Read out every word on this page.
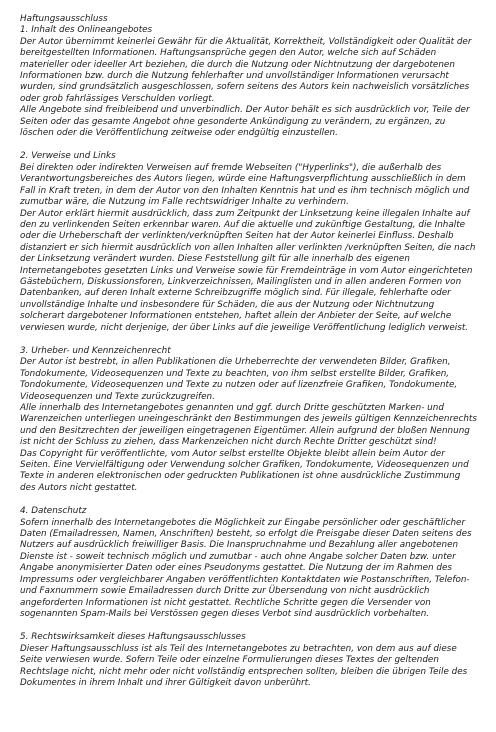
Haftungsausschluss

1. Inhalt des Onlineangebotes

Der Autor übernimmt keinerlei Gewähr für die Aktualität, Korrektheit, Vollständigkeit oder Qualität der bereitgestellten Informationen. Haftungsansprüche gegen den Autor, welche sich auf Schäden materieller oder ideeller Art beziehen, die durch die Nutzung oder Nichtnutzung der dargebotenen Informationen bzw. durch die Nutzung fehlerhafter und unvollständiger Informationen verursacht wurden, sind grundsätzlich ausgeschlossen, sofern seitens des Autors kein nachweislich vorsätzliches oder grob fahrlässiges Verschulden vorliegt.

Alle Angebote sind freibleibend und unverbindlich. Der Autor behält es sich ausdrücklich vor, Teile der Seiten oder das gesamte Angebot ohne gesonderte Ankündigung zu verändern, zu ergänzen, zu löschen oder die Veröffentlichung zeitweise oder endgültig einzustellen.

2. Verweise und Links

Bei direkten oder indirekten Verweisen auf fremde Webseiten ("Hyperlinks"), die außerhalb des Verantwortungsbereiches des Autors liegen, würde eine Haftungsverpflichtung ausschließlich in dem Fall in Kraft treten, in dem der Autor von den Inhalten Kenntnis hat und es ihm technisch möglich und zumutbar wäre, die Nutzung im Falle rechtswidriger Inhalte zu verhindern.

Der Autor erklärt hiermit ausdrücklich, dass zum Zeitpunkt der Linksetzung keine illegalen Inhalte auf den zu verlinkenden Seiten erkennbar waren. Auf die aktuelle und zukünftige Gestaltung, die Inhalte oder die Urheberschaft der verlinkten/verknüpften Seiten hat der Autor keinerlei Einfluss. Deshalb distanziert er sich hiermit ausdrücklich von allen Inhalten aller verlinkten /verknüpften Seiten, die nach der Linksetzung verändert wurden. Diese Feststellung gilt für alle innerhalb des eigenen Internetangebotes gesetzten Links und Verweise sowie für Fremdeinträge in vom Autor eingerichteten Gästebüchern, Diskussionsforen, Linkverzeichnissen, Mailinglisten und in allen anderen Formen von Datenbanken, auf deren Inhalt externe Schreibzugriffe möglich sind. Für illegale, fehlerhafte oder unvollständige Inhalte und insbesondere für Schäden, die aus der Nutzung oder Nichtnutzung solcherart dargebotener Informationen entstehen, haftet allein der Anbieter der Seite, auf welche verwiesen wurde, nicht derjenige, der über Links auf die jeweilige Veröffentlichung lediglich verweist.

3. Urheber- und Kennzeichenrecht

Der Autor ist bestrebt, in allen Publikationen die Urheberrechte der verwendeten Bilder, Grafiken, Tondokumente, Videosequenzen und Texte zu beachten, von ihm selbst erstellte Bilder, Grafiken, Tondokumente, Videosequenzen und Texte zu nutzen oder auf lizenzfreie Grafiken, Tondokumente, Videosequenzen und Texte zurückzugreifen.

Alle innerhalb des Internetangebotes genannten und ggf. durch Dritte geschützten Marken- und Warenzeichen unterliegen uneingeschränkt den Bestimmungen des jeweils gültigen Kennzeichenrechts und den Besitzrechten der jeweiligen eingetragenen Eigentümer. Allein aufgrund der bloßen Nennung ist nicht der Schluss zu ziehen, dass Markenzeichen nicht durch Rechte Dritter geschützt sind!

Das Copyright für veröffentlichte, vom Autor selbst erstellte Objekte bleibt allein beim Autor der Seiten. Eine Vervielfältigung oder Verwendung solcher Grafiken, Tondokumente, Videosequenzen und Texte in anderen elektronischen oder gedruckten Publikationen ist ohne ausdrückliche Zustimmung des Autors nicht gestattet.

4. Datenschutz

Sofern innerhalb des Internetangebotes die Möglichkeit zur Eingabe persönlicher oder geschäftlicher Daten (Emailadressen, Namen, Anschriften) besteht, so erfolgt die Preisgabe dieser Daten seitens des Nutzers auf ausdrücklich freiwilliger Basis. Die Inanspruchnahme und Bezahlung aller angebotenen Dienste ist - soweit technisch möglich und zumutbar - auch ohne Angabe solcher Daten bzw. unter Angabe anonymisierter Daten oder eines Pseudonyms gestattet. Die Nutzung der im Rahmen des Impressums oder vergleichbarer Angaben veröffentlichten Kontaktdaten wie Postanschriften, Telefon- und Faxnummern sowie Emailadressen durch Dritte zur Übersendung von nicht ausdrücklich angeforderten Informationen ist nicht gestattet. Rechtliche Schritte gegen die Versender von sogenannten Spam-Mails bei Verstössen gegen dieses Verbot sind ausdrücklich vorbehalten.

5. Rechtswirksamkeit dieses Haftungsausschlusses

Dieser Haftungsausschluss ist als Teil des Internetangebotes zu betrachten, von dem aus auf diese Seite verwiesen wurde. Sofern Teile oder einzelne Formulierungen dieses Textes der geltenden Rechtslage nicht, nicht mehr oder nicht vollständig entsprechen sollten, bleiben die übrigen Teile des Dokumentes in ihrem Inhalt und ihrer Gültigkeit davon unberührt.
